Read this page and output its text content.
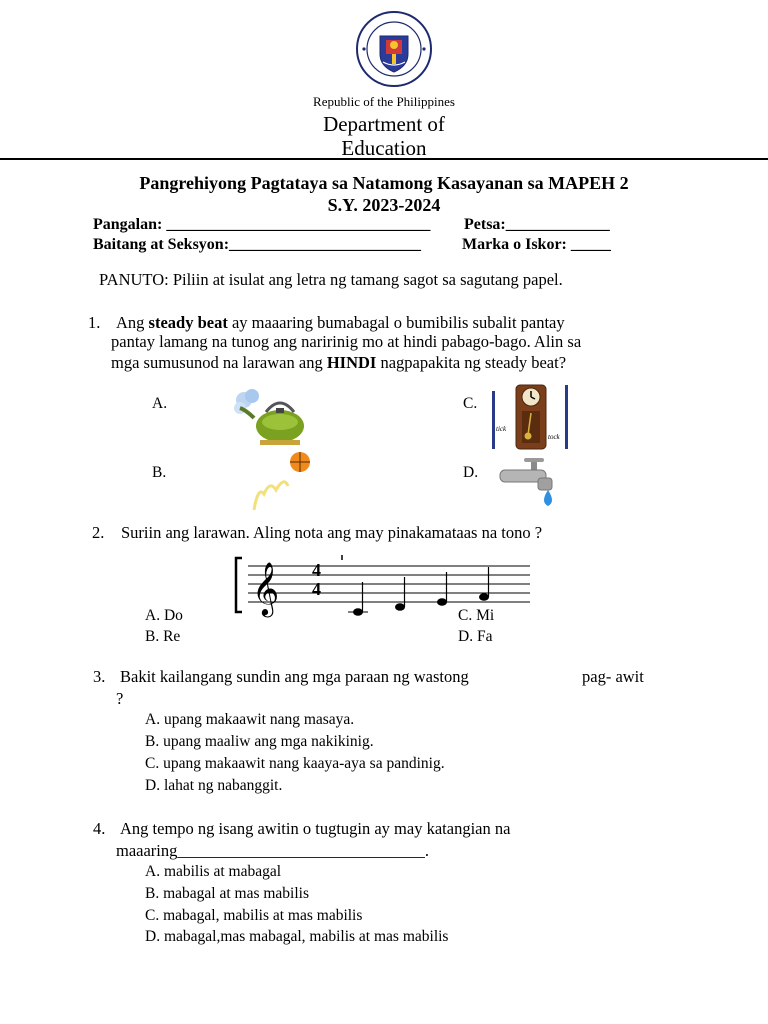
Republic of the Philippines
Department of
Education
Pangrehiyong Pagtataya sa Natamong Kasayanan sa MAPEH 2
S.Y. 2023-2024
Pangalan: _________________________________ Petsa:_____________
Baitang at Seksyon:________________________	Marka o Iskor: _____
PANUTO: Piliin at isulat ang letra ng tamang sagot sa sagutang papel.
1. Ang steady beat ay maaaring bumabagal o bumibilis subalit pantay
pantay lamang na tunog ang naririnig mo at hindi pabago-bago. Alin sa
mga sumusunod na larawan ang HINDI nagpapakita ng steady beat?
A.	C.
B.	D.
tick
tock
2. Suriin ang larawan. Aling nota ang may pinakamataas na tono ?
𝄞 4
4
A. Do
B. Re
C. Mi
D. Fa
3. Bakit kailangang sundin ang mga paraan ng wastong	pag- awit
?
A. upang makaawit nang masaya.
B. upang maaliw ang mga nakikinig.
C. upang makaawit nang kaaya-aya sa pandinig.
D. lahat ng nabanggit.
4. Ang tempo ng isang awitin o tugtugin ay may katangian na
maaaring______________________________.
A. mabilis at mabagal
B. mabagal at mas mabilis
C. mabagal, mabilis at mas mabilis
D. mabagal,mas mabagal, mabilis at mas mabilis
